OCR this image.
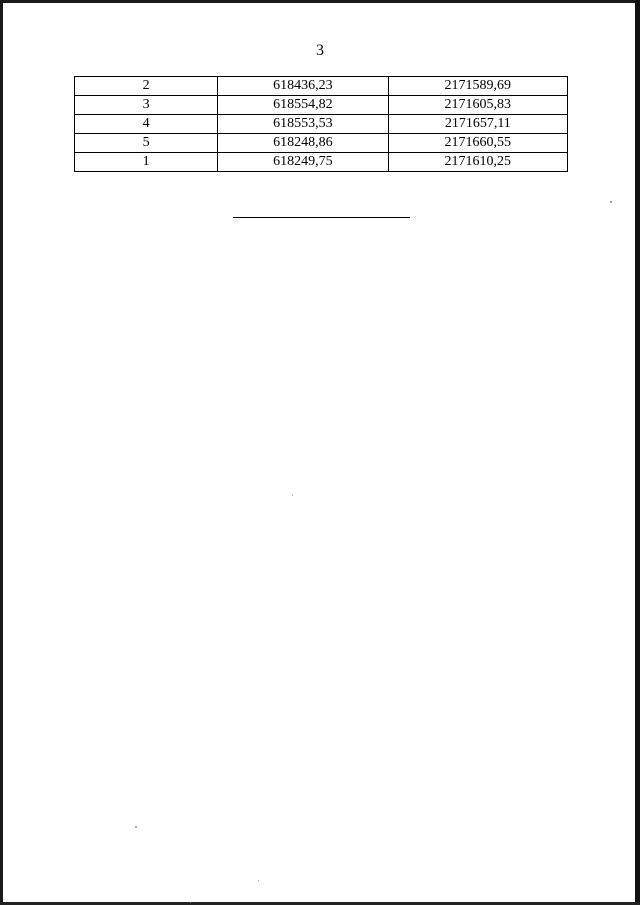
3
2	618436,23	2171589,69
3	618554,82	2171605,83
4	618553,53	2171657,11
5	618248,86	2171660,55
1	618249,75	2171610,25
